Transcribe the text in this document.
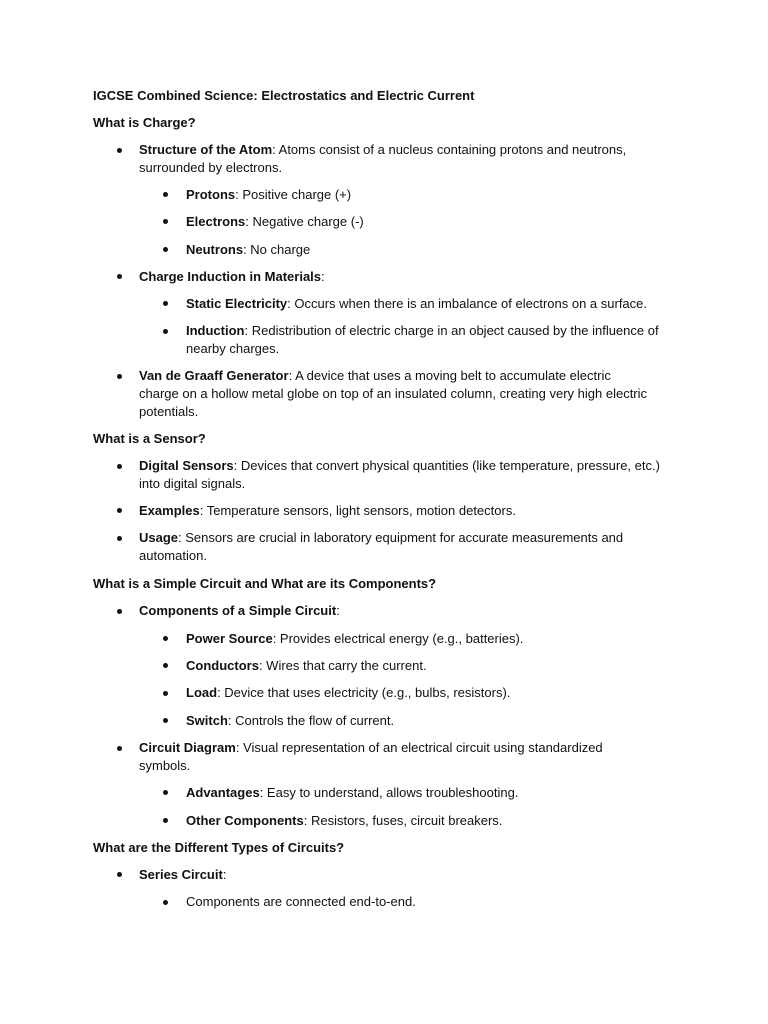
IGCSE Combined Science: Electrostatics and Electric Current
What is Charge?
Structure of the Atom: Atoms consist of a nucleus containing protons and neutrons, surrounded by electrons.
Protons: Positive charge (+)
Electrons: Negative charge (-)
Neutrons: No charge
Charge Induction in Materials:
Static Electricity: Occurs when there is an imbalance of electrons on a surface.
Induction: Redistribution of electric charge in an object caused by the influence of nearby charges.
Van de Graaff Generator: A device that uses a moving belt to accumulate electric charge on a hollow metal globe on top of an insulated column, creating very high electric potentials.
What is a Sensor?
Digital Sensors: Devices that convert physical quantities (like temperature, pressure, etc.) into digital signals.
Examples: Temperature sensors, light sensors, motion detectors.
Usage: Sensors are crucial in laboratory equipment for accurate measurements and automation.
What is a Simple Circuit and What are its Components?
Components of a Simple Circuit:
Power Source: Provides electrical energy (e.g., batteries).
Conductors: Wires that carry the current.
Load: Device that uses electricity (e.g., bulbs, resistors).
Switch: Controls the flow of current.
Circuit Diagram: Visual representation of an electrical circuit using standardized symbols.
Advantages: Easy to understand, allows troubleshooting.
Other Components: Resistors, fuses, circuit breakers.
What are the Different Types of Circuits?
Series Circuit:
Components are connected end-to-end.
